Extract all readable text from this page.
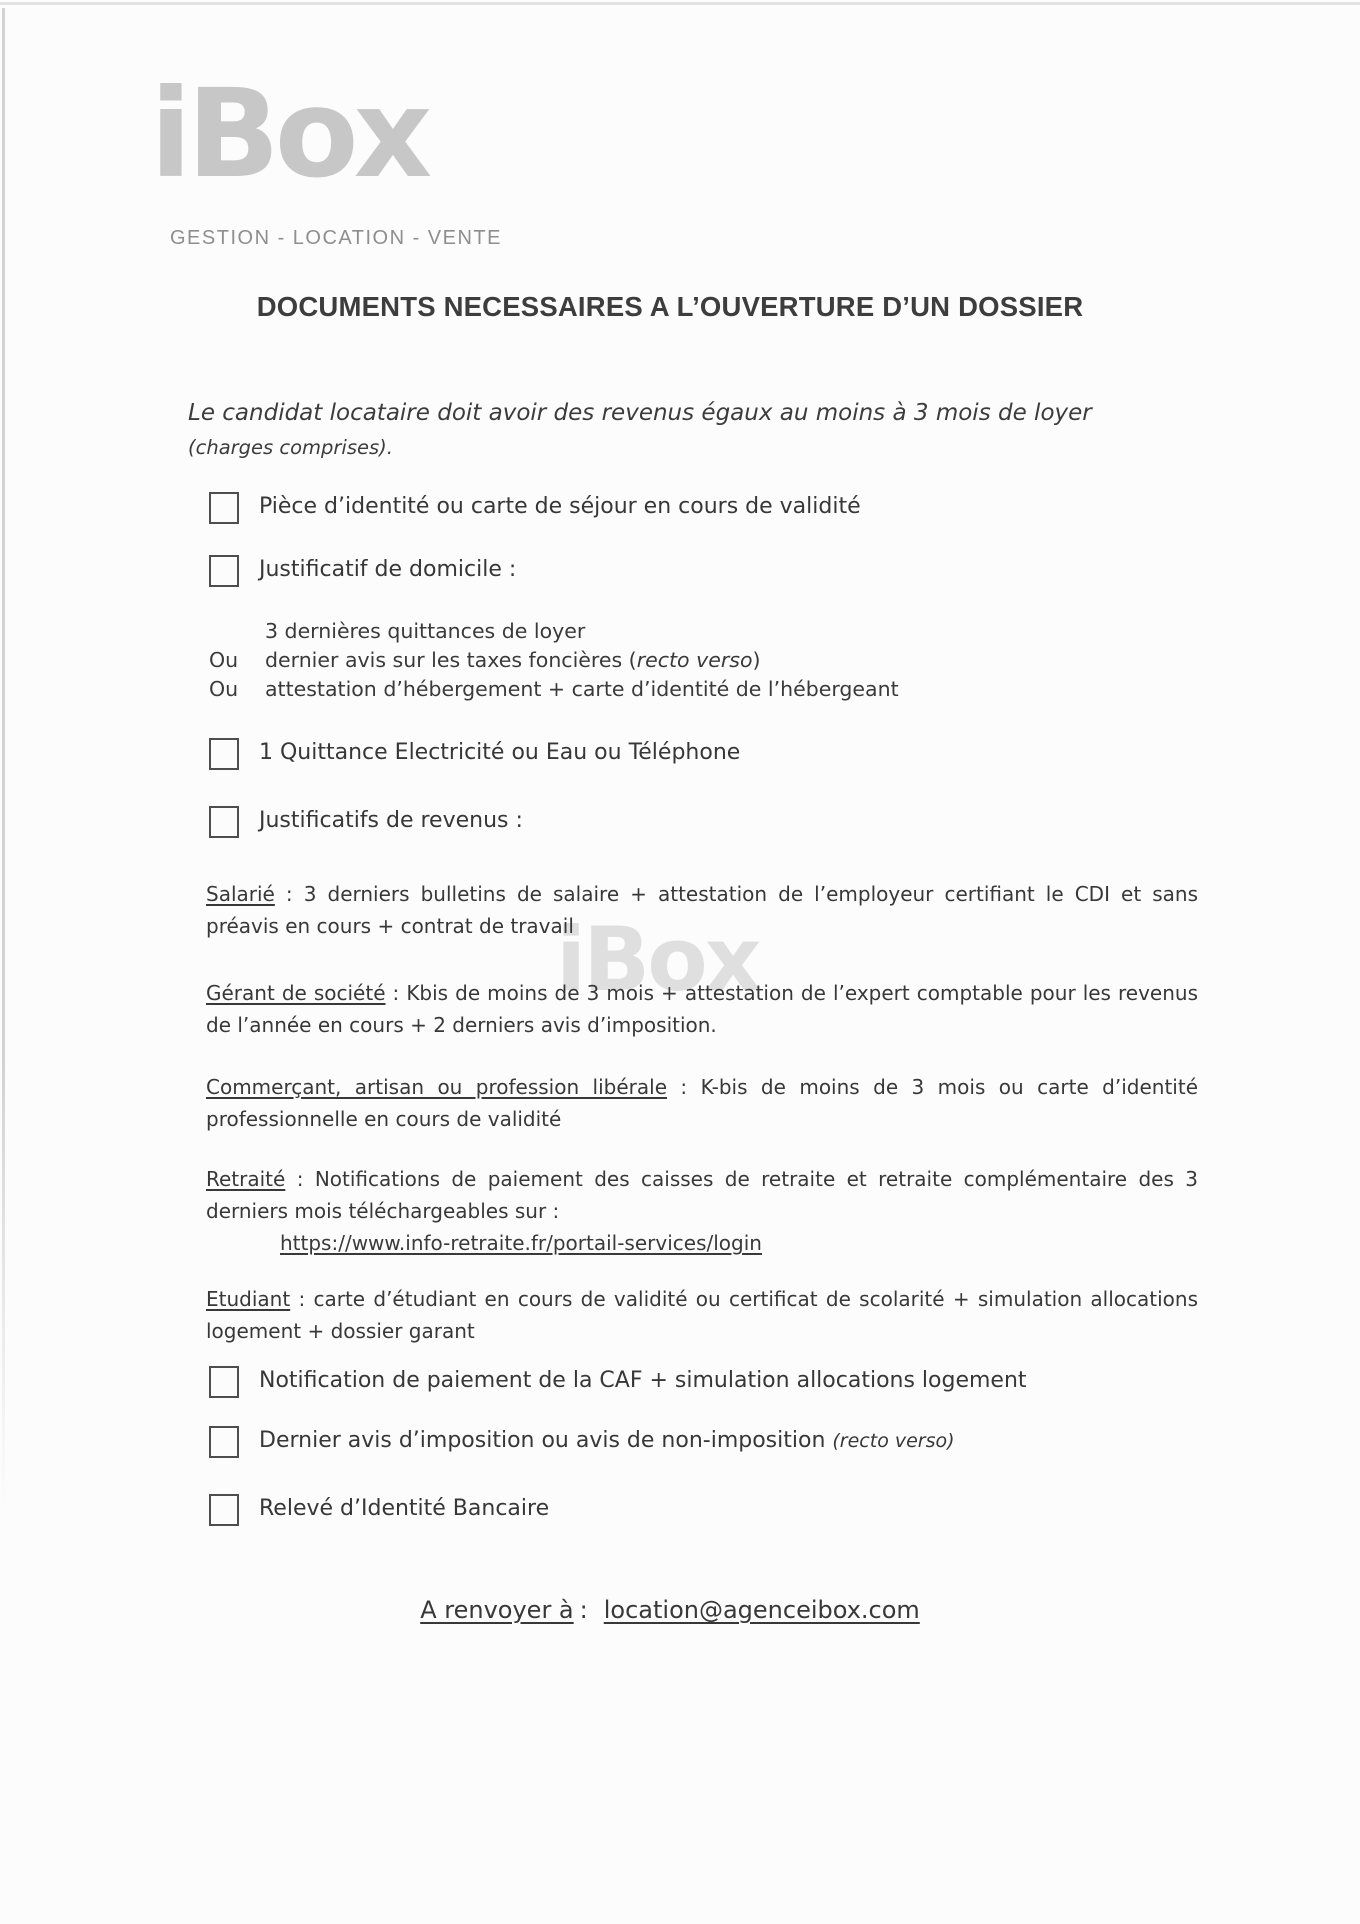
iBox
GESTION - LOCATION - VENTE
DOCUMENTS NECESSAIRES A L’OUVERTURE D’UN DOSSIER
Le candidat locataire doit avoir des revenus égaux au moins à 3 mois de loyer (charges comprises).
Pièce d’identité ou carte de séjour en cours de validité
Justificatif de domicile :
3 dernières quittances de loyer
Ou	dernier avis sur les taxes foncières (recto verso)
Ou	attestation d’hébergement + carte d’identité de l’hébergeant
1 Quittance Electricité ou Eau ou Téléphone
Justificatifs de revenus :
iBox
Salarié : 3 derniers bulletins de salaire + attestation de l’employeur certifiant le CDI et sans préavis en cours + contrat de travail
Gérant de société : Kbis de moins de 3 mois + attestation de l’expert comptable pour les revenus de l’année en cours + 2 derniers avis d’imposition.
Commerçant, artisan ou profession libérale : K-bis de moins de 3 mois ou carte d’identité professionnelle en cours de validité
Retraité : Notifications de paiement des caisses de retraite et retraite complémentaire des 3 derniers mois téléchargeables sur :
https://www.info-retraite.fr/portail-services/login
Etudiant : carte d’étudiant en cours de validité ou certificat de scolarité + simulation allocations logement + dossier garant
Notification de paiement de la CAF + simulation allocations logement
Dernier avis d’imposition ou avis de non-imposition (recto verso)
Relevé d’Identité Bancaire
A renvoyer à : location@agenceibox.com
